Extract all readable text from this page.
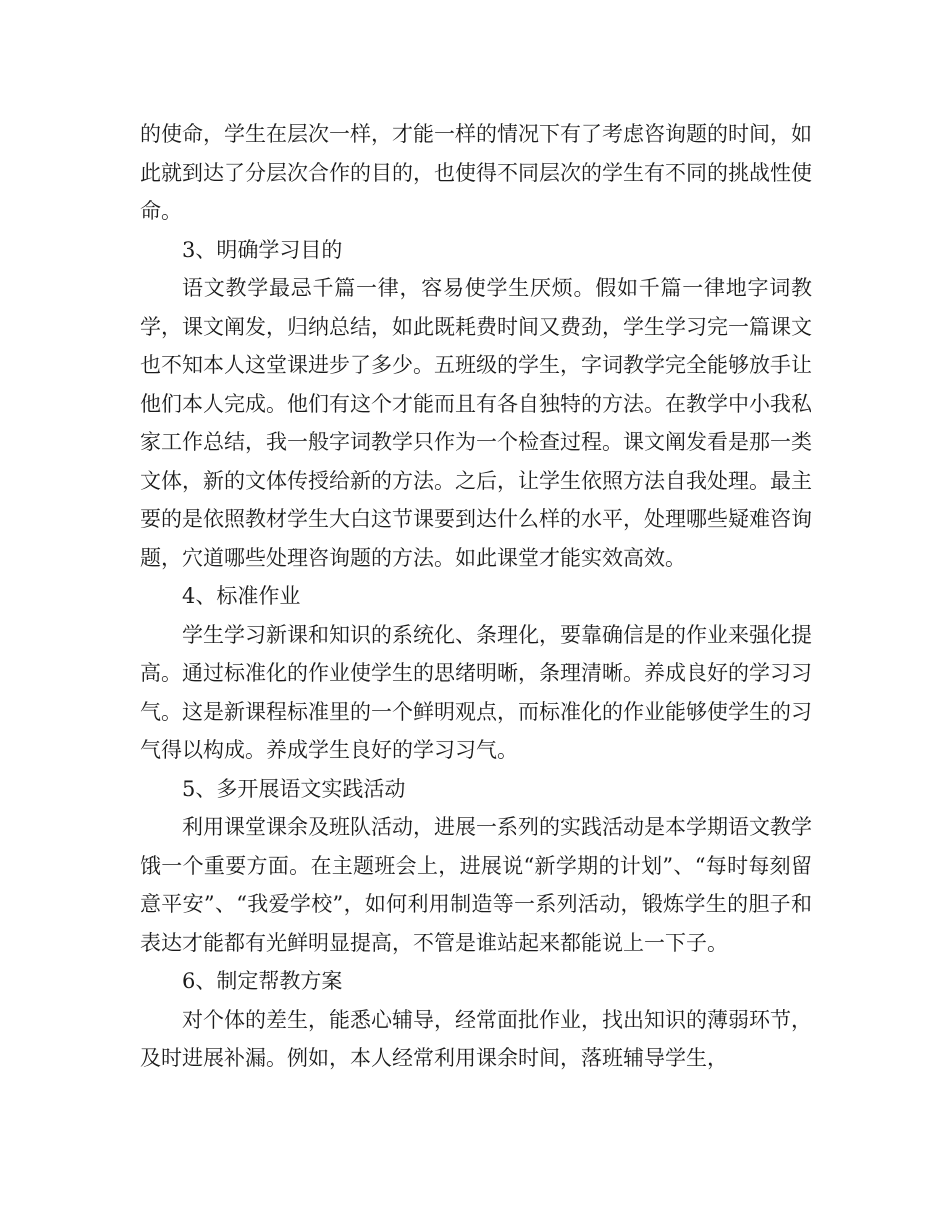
的使命，学生在层次一样，才能一样的情况下有了考虑咨询题的时间，如此就到达了分层次合作的目的，也使得不同层次的学生有不同的挑战性使命。

3、明确学习目的

语文教学最忌千篇一律，容易使学生厌烦。假如千篇一律地字词教学，课文阐发，归纳总结，如此既耗费时间又费劲，学生学习完一篇课文也不知本人这堂课进步了多少。五班级的学生，字词教学完全能够放手让他们本人完成。他们有这个才能而且有各自独特的方法。在教学中小我私家工作总结，我一般字词教学只作为一个检查过程。课文阐发看是那一类文体，新的文体传授给新的方法。之后，让学生依照方法自我处理。最主要的是依照教材学生大白这节课要到达什么样的水平，处理哪些疑难咨询题，穴道哪些处理咨询题的方法。如此课堂才能实效高效。

4、标准作业

学生学习新课和知识的系统化、条理化，要靠确信是的作业来强化提高。通过标准化的作业使学生的思绪明晰，条理清晰。养成良好的学习习气。这是新课程标准里的一个鲜明观点，而标准化的作业能够使学生的习气得以构成。养成学生良好的学习习气。

5、多开展语文实践活动

利用课堂课余及班队活动，进展一系列的实践活动是本学期语文教学饿一个重要方面。在主题班会上，进展说“新学期的计划”、“每时每刻留意平安”、“我爱学校”，如何利用制造等一系列活动，锻炼学生的胆子和表达才能都有光鲜明显提高，不管是谁站起来都能说上一下子。

6、制定帮教方案

对个体的差生，能悉心辅导，经常面批作业，找出知识的薄弱环节，及时进展补漏。例如，本人经常利用课余时间，落班辅导学生，
